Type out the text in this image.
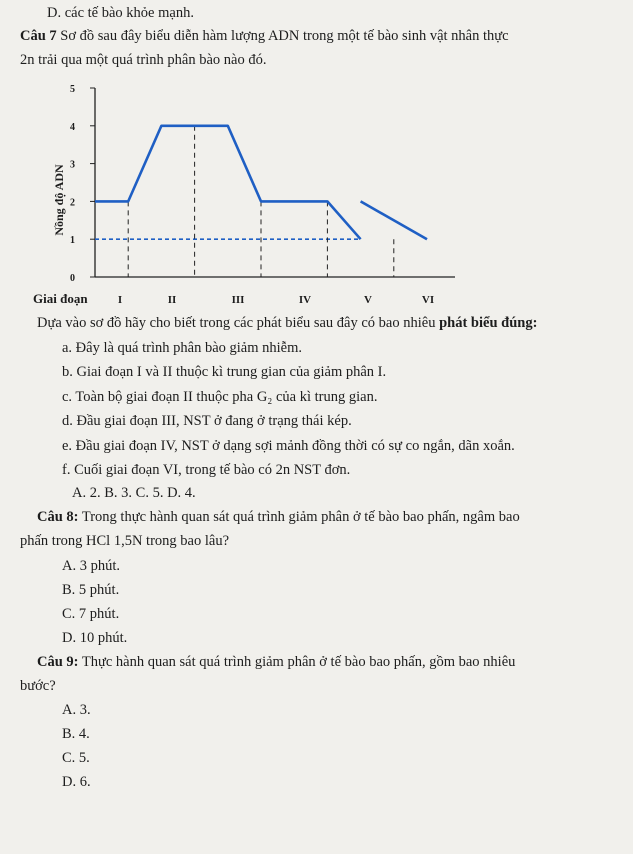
D. các tế bào khỏe mạnh.
Câu 7 Sơ đồ sau đây biểu diễn hàm lượng ADN trong một tế bào sinh vật nhân thực
2n trải qua một quá trình phân bào nào đó.
0
1
2
3
4
5
I	II	III	IV	V	VI
Nồng độ ADN
Giai đoạn
Dựa vào sơ đồ hãy cho biết trong các phát biểu sau đây có bao nhiêu phát biểu đúng:
a. Đây là quá trình phân bào giảm nhiễm.
b. Giai đoạn I và II thuộc kì trung gian của giảm phân I.
c. Toàn bộ giai đoạn II thuộc pha G₂ của kì trung gian.
d. Đầu giai đoạn III, NST ở đang ở trạng thái kép.
e. Đầu giai đoạn IV, NST ở dạng sợi mảnh đồng thời có sự co ngắn, dãn xoắn.
f. Cuối giai đoạn VI, trong tế bào có 2n NST đơn.
A. 2. B. 3. C. 5. D. 4.
Câu 8: Trong thực hành quan sát quá trình giảm phân ở tế bào bao phấn, ngâm bao
phấn trong HCl 1,5N trong bao lâu?
A. 3 phút.
B. 5 phút.
C. 7 phút.
D. 10 phút.
Câu 9: Thực hành quan sát quá trình giảm phân ở tế bào bao phấn, gồm bao nhiêu
bước?
A. 3.
B. 4.
C. 5.
D. 6.
